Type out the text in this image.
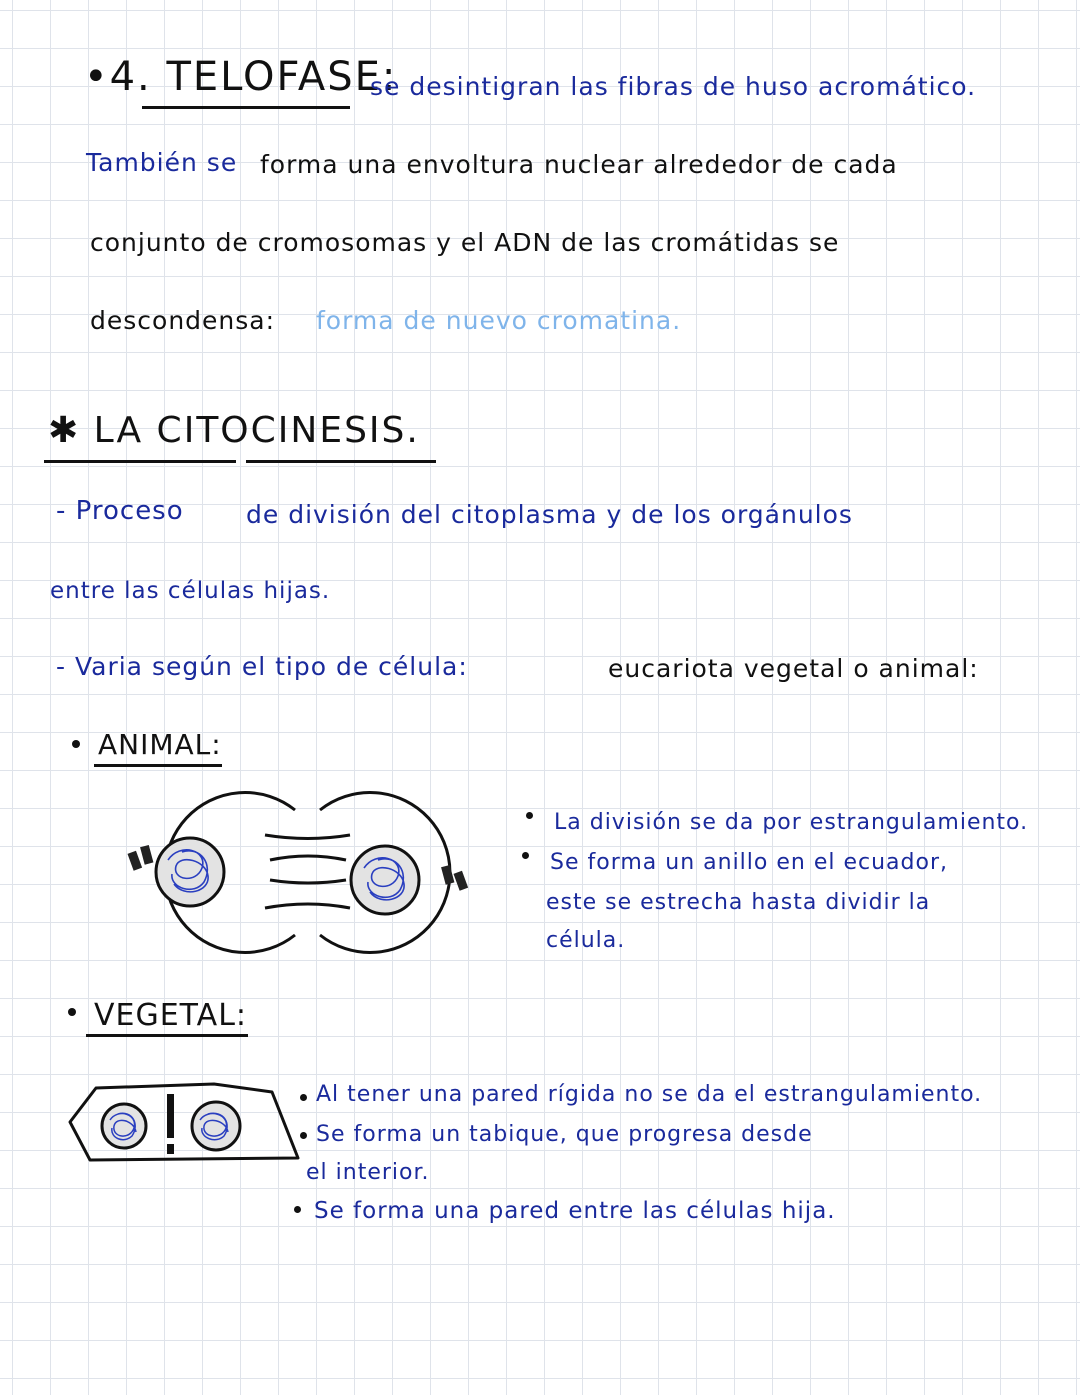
•4. TELOFASE:
se desintigran las fibras de huso acromático.
También se forma una envoltura nuclear alrededor de cada
conjunto de cromosomas y el ADN de las cromátidas se
descondensa: forma de nuevo cromatina.
✱ LA CITOCINESIS.
- Proceso de división del citoplasma y de los orgánulos
entre las células hijas.
- Varia según el tipo de célula:	eucariota vegetal o animal:
ANIMAL:
La división se da por estrangulamiento.
Se forma un anillo en el ecuador,
este se estrecha hasta dividir la
célula.
VEGETAL:
Al tener una pared rígida no se da el estrangulamiento.
Se forma un tabique, que progresa desde
el interior.
Se forma una pared entre las células hija.
